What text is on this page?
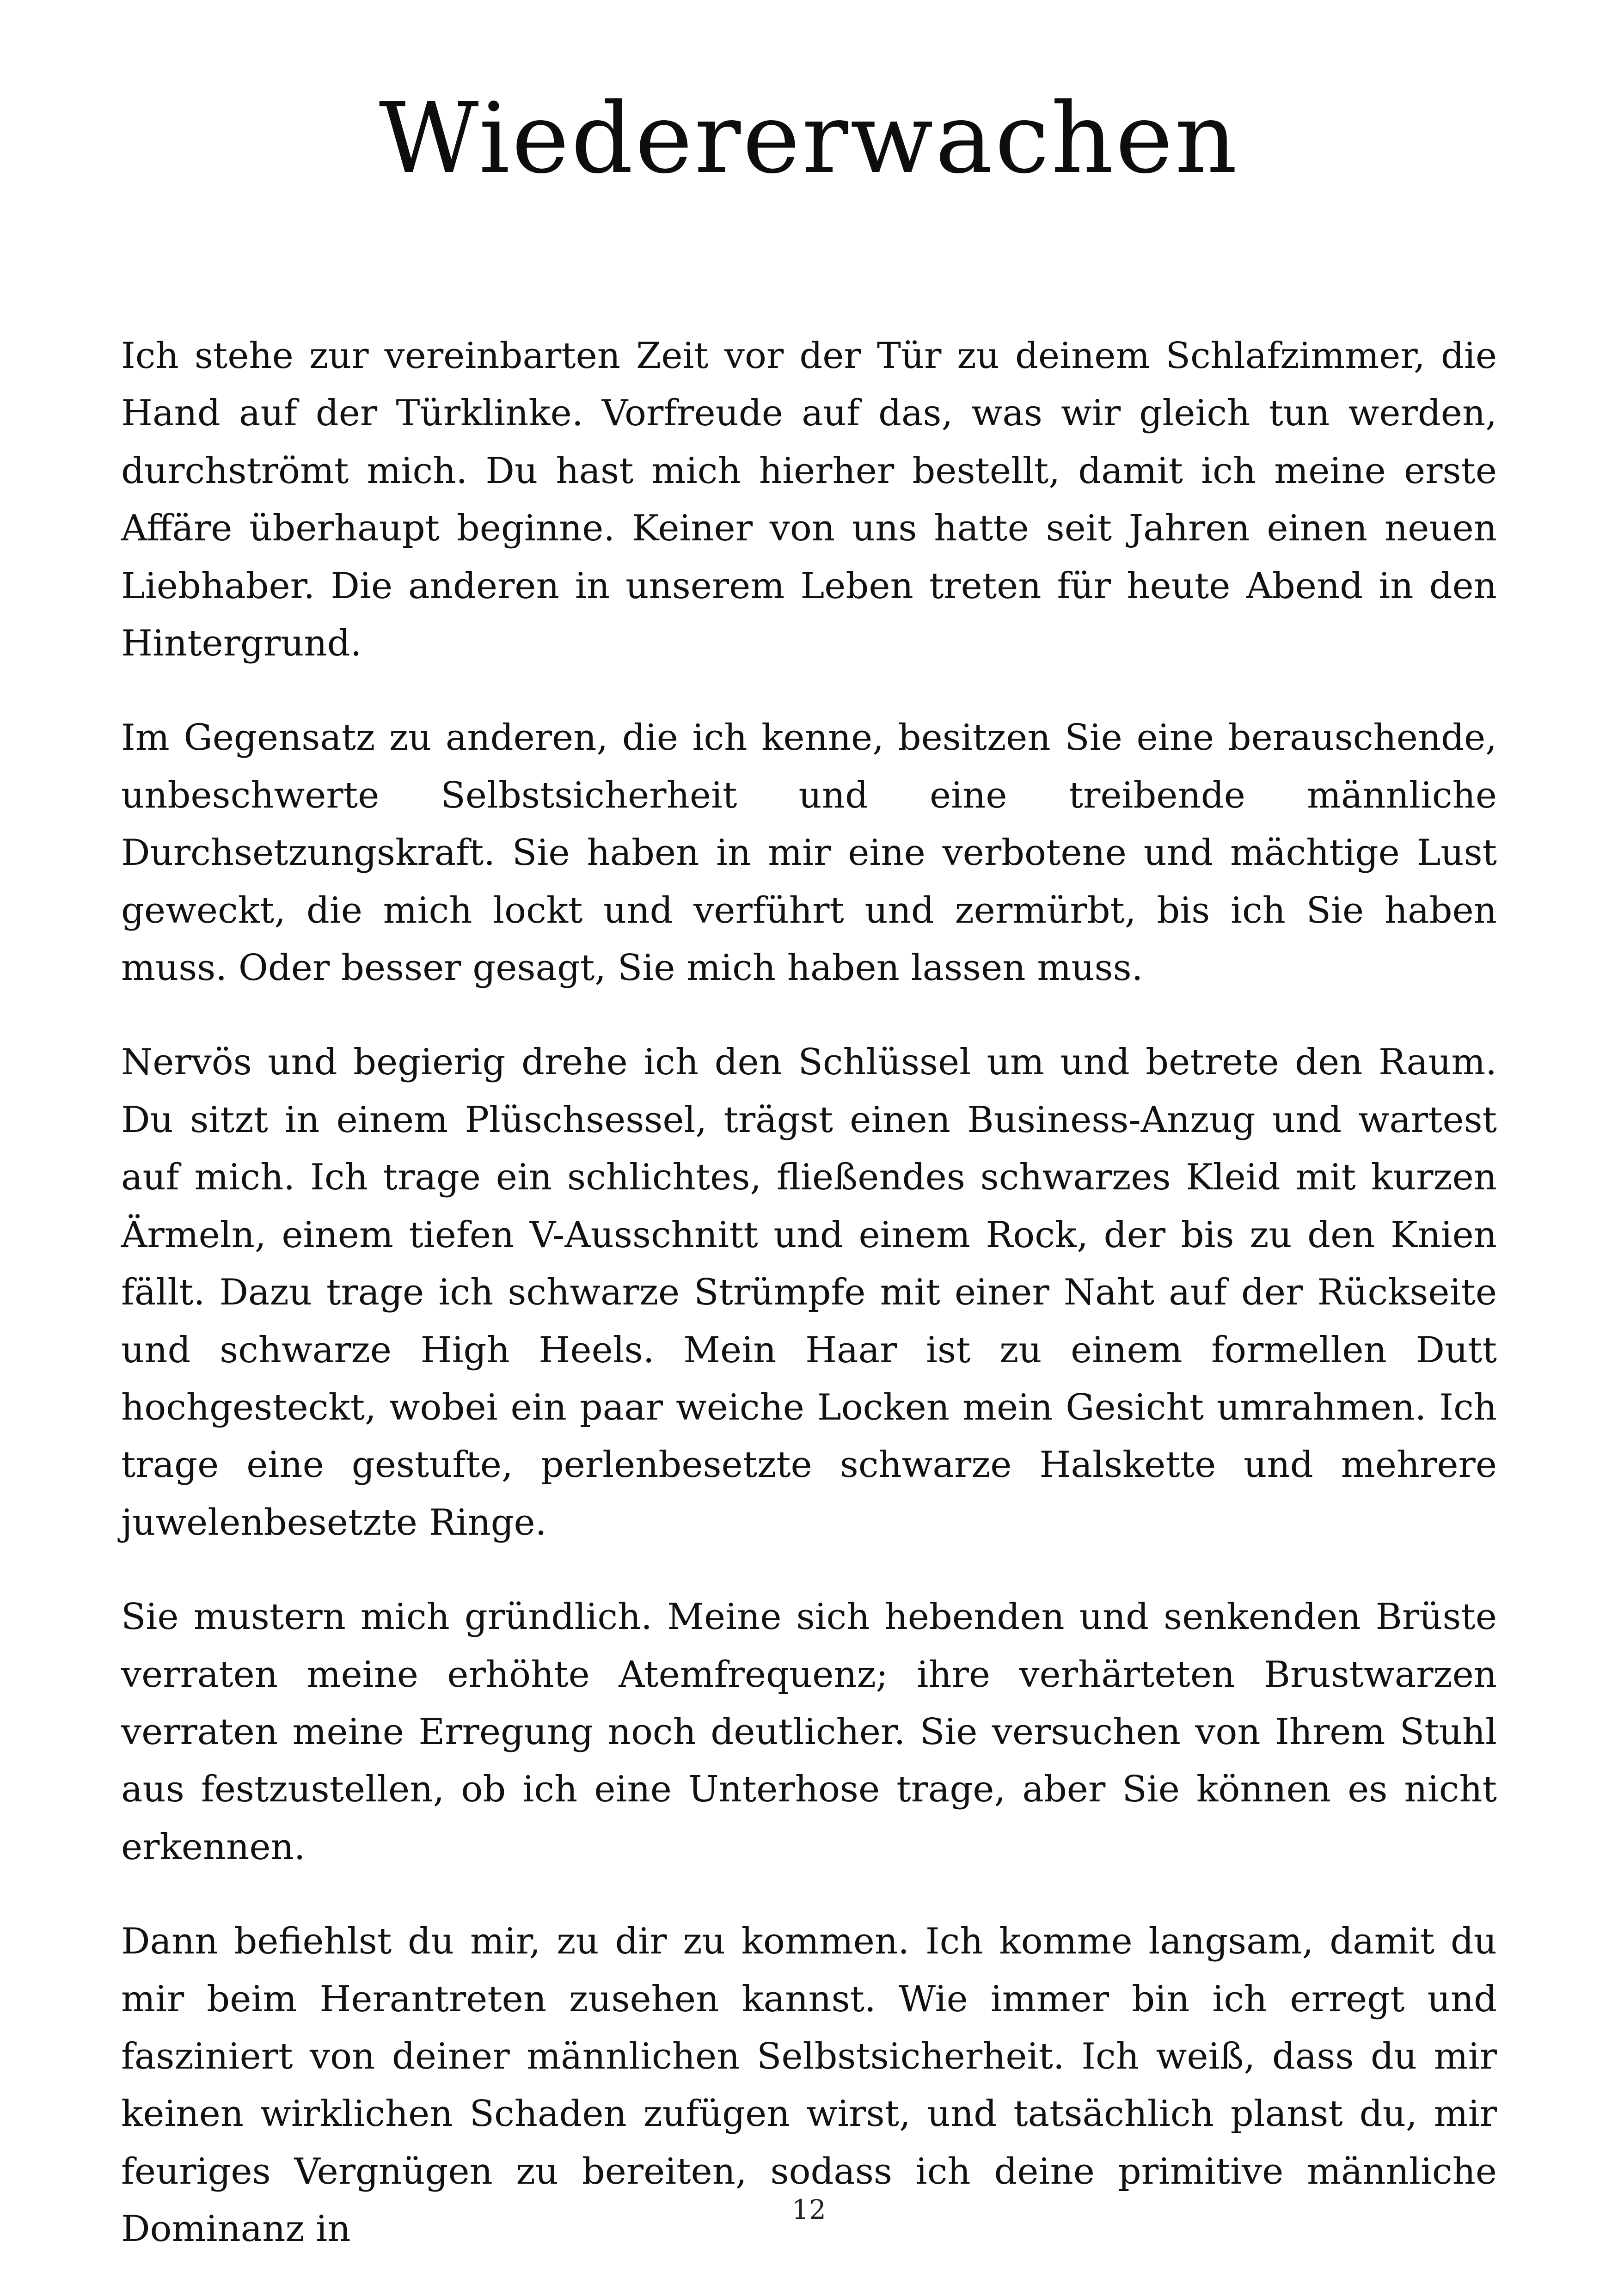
Wiedererwachen

Ich stehe zur vereinbarten Zeit vor der Tür zu deinem Schlafzimmer, die Hand auf der Türklinke. Vorfreude auf das, was wir gleich tun werden, durchströmt mich. Du hast mich hierher bestellt, damit ich meine erste Affäre überhaupt beginne. Keiner von uns hatte seit Jahren einen neuen Liebhaber. Die anderen in unserem Leben treten für heute Abend in den Hintergrund.

Im Gegensatz zu anderen, die ich kenne, besitzen Sie eine berauschende, unbeschwerte Selbstsicherheit und eine treibende männliche Durchsetzungskraft. Sie haben in mir eine verbotene und mächtige Lust geweckt, die mich lockt und verführt und zermürbt, bis ich Sie haben muss. Oder besser gesagt, Sie mich haben lassen muss.

Nervös und begierig drehe ich den Schlüssel um und betrete den Raum. Du sitzt in einem Plüschsessel, trägst einen Business-Anzug und wartest auf mich. Ich trage ein schlichtes, fließendes schwarzes Kleid mit kurzen Ärmeln, einem tiefen V-Ausschnitt und einem Rock, der bis zu den Knien fällt. Dazu trage ich schwarze Strümpfe mit einer Naht auf der Rückseite und schwarze High Heels. Mein Haar ist zu einem formellen Dutt hochgesteckt, wobei ein paar weiche Locken mein Gesicht umrahmen. Ich trage eine gestufte, perlenbesetzte schwarze Halskette und mehrere juwelenbesetzte Ringe.

Sie mustern mich gründlich. Meine sich hebenden und senkenden Brüste verraten meine erhöhte Atemfrequenz; ihre verhärteten Brustwarzen verraten meine Erregung noch deutlicher. Sie versuchen von Ihrem Stuhl aus festzustellen, ob ich eine Unterhose trage, aber Sie können es nicht erkennen.

Dann befiehlst du mir, zu dir zu kommen. Ich komme langsam, damit du mir beim Herantreten zusehen kannst. Wie immer bin ich erregt und fasziniert von deiner männlichen Selbstsicherheit. Ich weiß, dass du mir keinen wirklichen Schaden zufügen wirst, und tatsächlich planst du, mir feuriges Vergnügen zu bereiten, sodass ich deine primitive männliche Dominanz in	12
